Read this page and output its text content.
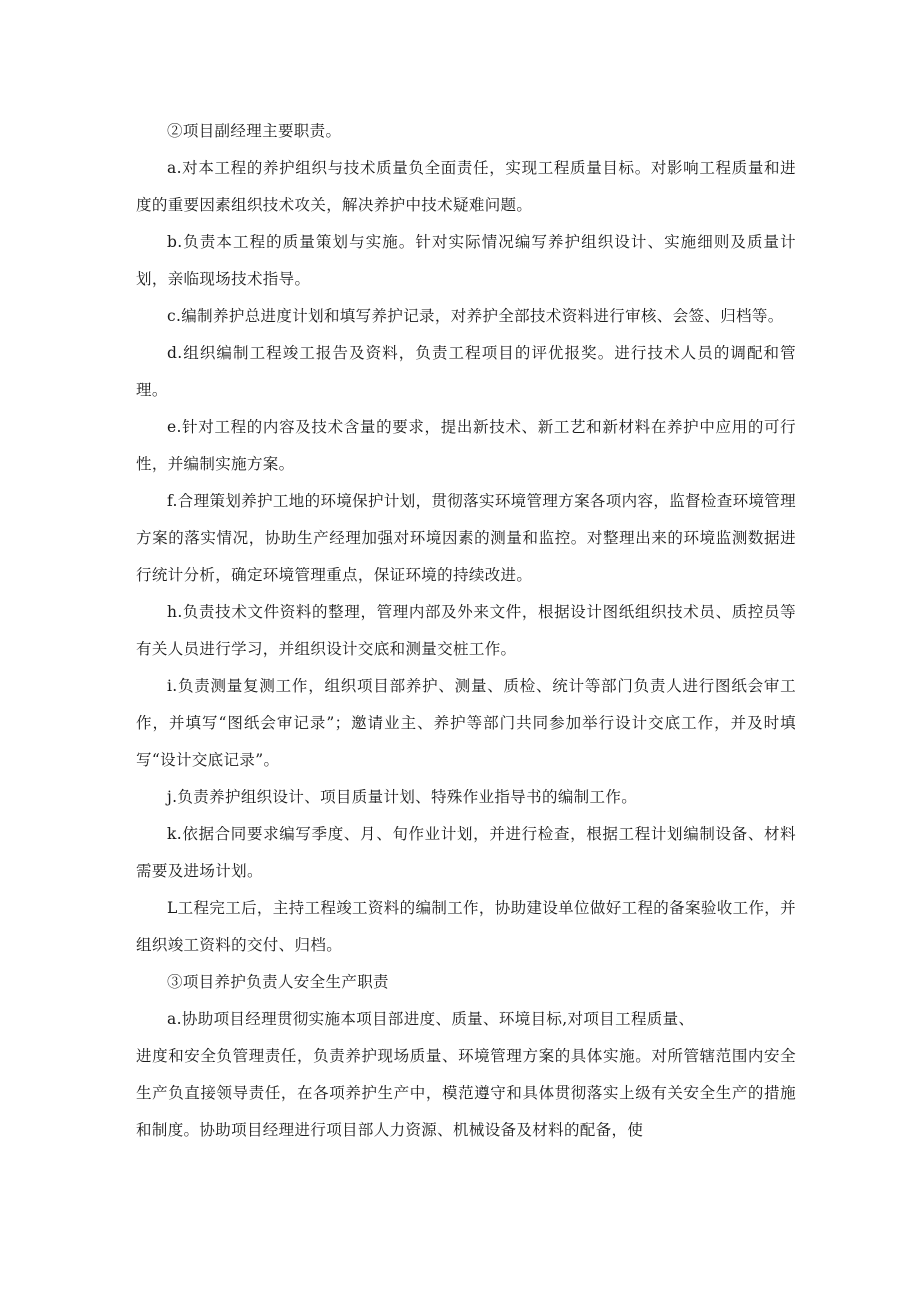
②项目副经理主要职责。

a.对本工程的养护组织与技术质量负全面责任，实现工程质量目标。对影响工程质量和进度的重要因素组织技术攻关，解决养护中技术疑难问题。

b.负责本工程的质量策划与实施。针对实际情况编写养护组织设计、实施细则及质量计划，亲临现场技术指导。

c.编制养护总进度计划和填写养护记录，对养护全部技术资料进行审核、会签、归档等。

d.组织编制工程竣工报告及资料，负责工程项目的评优报奖。进行技术人员的调配和管理。

e.针对工程的内容及技术含量的要求，提出新技术、新工艺和新材料在养护中应用的可行性，并编制实施方案。

f.合理策划养护工地的环境保护计划，贯彻落实环境管理方案各项内容，监督检查环境管理方案的落实情况，协助生产经理加强对环境因素的测量和监控。对整理出来的环境监测数据进行统计分析，确定环境管理重点，保证环境的持续改进。

h.负责技术文件资料的整理，管理内部及外来文件，根据设计图纸组织技术员、质控员等有关人员进行学习，并组织设计交底和测量交桩工作。

i.负责测量复测工作，组织项目部养护、测量、质检、统计等部门负责人进行图纸会审工作，并填写“图纸会审记录”；邀请业主、养护等部门共同参加举行设计交底工作，并及时填写“设计交底记录”。

j.负责养护组织设计、项目质量计划、特殊作业指导书的编制工作。

k.依据合同要求编写季度、月、旬作业计划，并进行检查，根据工程计划编制设备、材料需要及进场计划。

L工程完工后，主持工程竣工资料的编制工作，协助建设单位做好工程的备案验收工作，并组织竣工资料的交付、归档。

③项目养护负责人安全生产职责

a.协助项目经理贯彻实施本项目部进度、质量、环境目标,对项目工程质量、

进度和安全负管理责任，负责养护现场质量、环境管理方案的具体实施。对所管辖范围内安全生产负直接领导责任，在各项养护生产中，模范遵守和具体贯彻落实上级有关安全生产的措施和制度。协助项目经理进行项目部人力资源、机械设备及材料的配备，使
